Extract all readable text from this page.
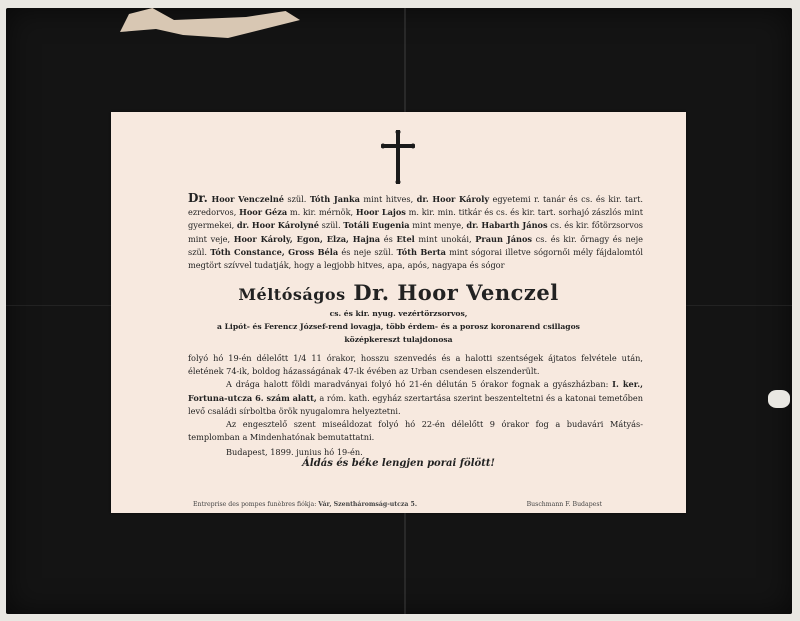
Dr. Hoor Venczelné szül. Tóth Janka mint hitves, dr. Hoor Károly egyetemi r. tanár és cs. és kir. tart. ezredorvos, Hoor Géza m. kir. mérnök, Hoor Lajos m. kir. min. titkár és cs. és kir. tart. sorhajó zászlós mint gyermekei, dr. Hoor Károlyné szül. Totáli Eugenia mint menye, dr. Habarth János cs. és kir. főtörzsorvos mint veje, Hoor Károly, Egon, Elza, Hajna és Etel mint unokái, Praun János cs. és kir. őrnagy és neje szül. Tóth Constance, Gross Béla és neje szül. Tóth Berta mint sógorai illetve sógornői mély fájdalomtól megtört szívvel tudatják, hogy a legjobb hitves, apa, após, nagyapa és sógor
Méltóságos Dr. Hoor Venczel
cs. és kir. nyug. vezértörzsorvos,
a Lipót- és Ferencz József-rend lovagja, több érdem- és a porosz koronarend csillagos
középkereszt tulajdonosa
folyó hó 19-én délelőtt 1/4 11 órakor, hosszu szenvedés és a halotti szentségek ájtatos felvétele után, életének 74-ik, boldog házasságának 47-ik évében az Urban csendesen elszenderült.
A drága halott földi maradványai folyó hó 21-én délután 5 órakor fognak a gyászházban: I. ker., Fortuna-utcza 6. szám alatt, a róm. kath. egyház szertartása szerint beszenteltetni és a katonai temetőben levő családi sírboltba örök nyugalomra helyeztetni.
Az engesztelő szent miseáldozat folyó hó 22-én délelőtt 9 órakor fog a budavári Mátyás-templomban a Mindenhatónak bemutattatni.
Budapest, 1899. junius hó 19-én.
Áldás és béke lengjen porai fölött!
Entreprise des pompes funèbres fiókja: Vár, Szentháromság-utcza 5.	Buschmann F. Budapest
